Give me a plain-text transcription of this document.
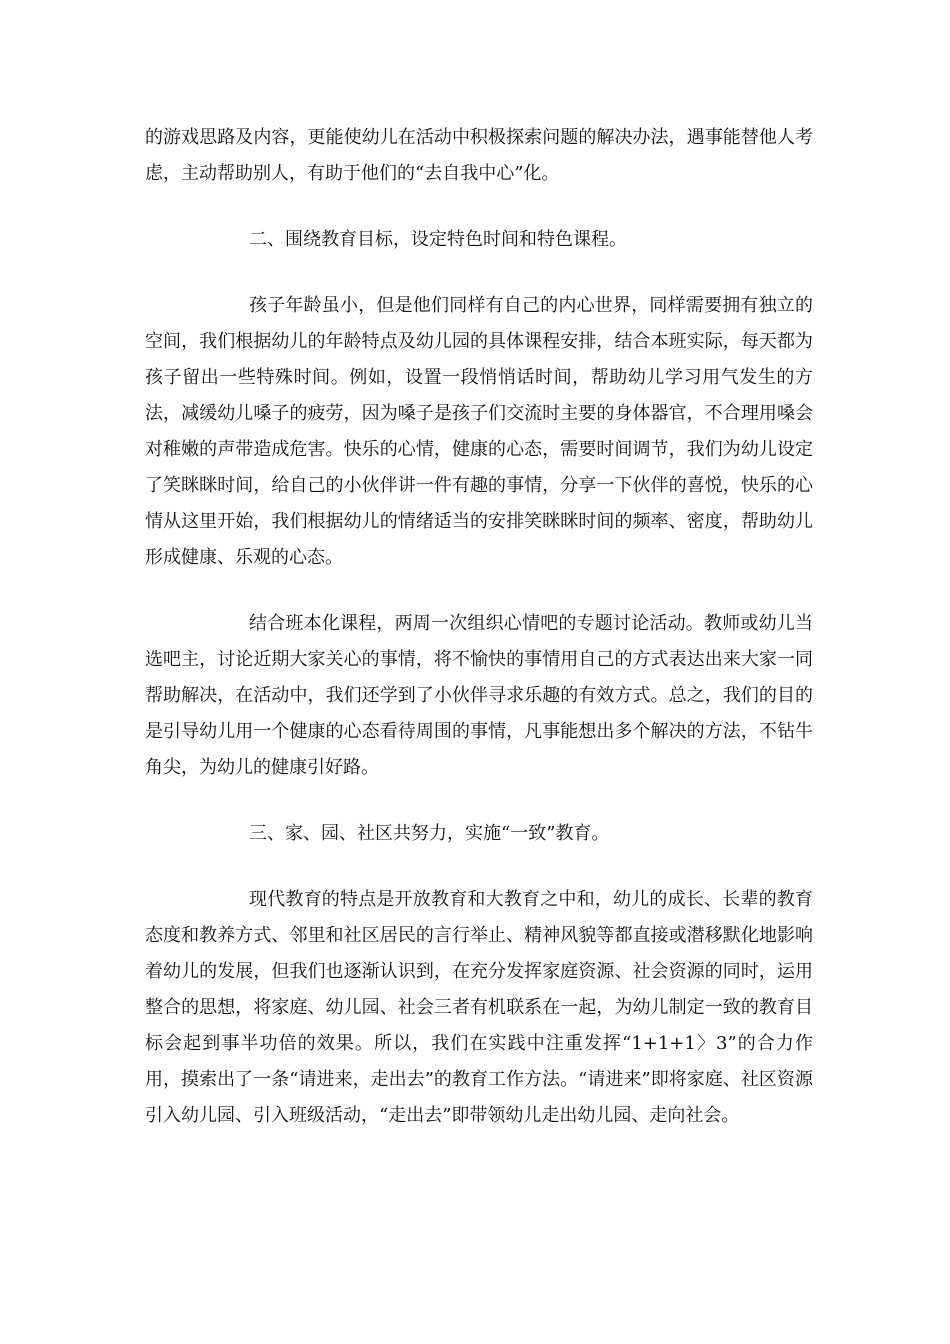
的游戏思路及内容，更能使幼儿在活动中积极探索问题的解决办法，遇事能替他人考虑，主动帮助别人，有助于他们的“去自我中心”化。

二、围绕教育目标，设定特色时间和特色课程。

孩子年龄虽小，但是他们同样有自己的内心世界，同样需要拥有独立的空间，我们根据幼儿的年龄特点及幼儿园的具体课程安排，结合本班实际，每天都为孩子留出一些特殊时间。例如，设置一段悄悄话时间，帮助幼儿学习用气发生的方法，减缓幼儿嗓子的疲劳，因为嗓子是孩子们交流时主要的身体器官，不合理用嗓会对稚嫩的声带造成危害。快乐的心情，健康的心态，需要时间调节，我们为幼儿设定了笑眯眯时间，给自己的小伙伴讲一件有趣的事情，分享一下伙伴的喜悦，快乐的心情从这里开始，我们根据幼儿的情绪适当的安排笑眯眯时间的频率、密度，帮助幼儿形成健康、乐观的心态。

结合班本化课程，两周一次组织心情吧的专题讨论活动。教师或幼儿当选吧主，讨论近期大家关心的事情，将不愉快的事情用自己的方式表达出来大家一同帮助解决，在活动中，我们还学到了小伙伴寻求乐趣的有效方式。总之，我们的目的是引导幼儿用一个健康的心态看待周围的事情，凡事能想出多个解决的方法，不钻牛角尖，为幼儿的健康引好路。

三、家、园、社区共努力，实施“一致”教育。

现代教育的特点是开放教育和大教育之中和，幼儿的成长、长辈的教育态度和教养方式、邻里和社区居民的言行举止、精神风貌等都直接或潜移默化地影响着幼儿的发展，但我们也逐渐认识到，在充分发挥家庭资源、社会资源的同时，运用整合的思想，将家庭、幼儿园、社会三者有机联系在一起，为幼儿制定一致的教育目标会起到事半功倍的效果。所以，我们在实践中注重发挥“1+1+1〉3”的合力作用，摸索出了一条“请进来，走出去”的教育工作方法。“请进来”即将家庭、社区资源引入幼儿园、引入班级活动，“走出去”即带领幼儿走出幼儿园、走向社会。
